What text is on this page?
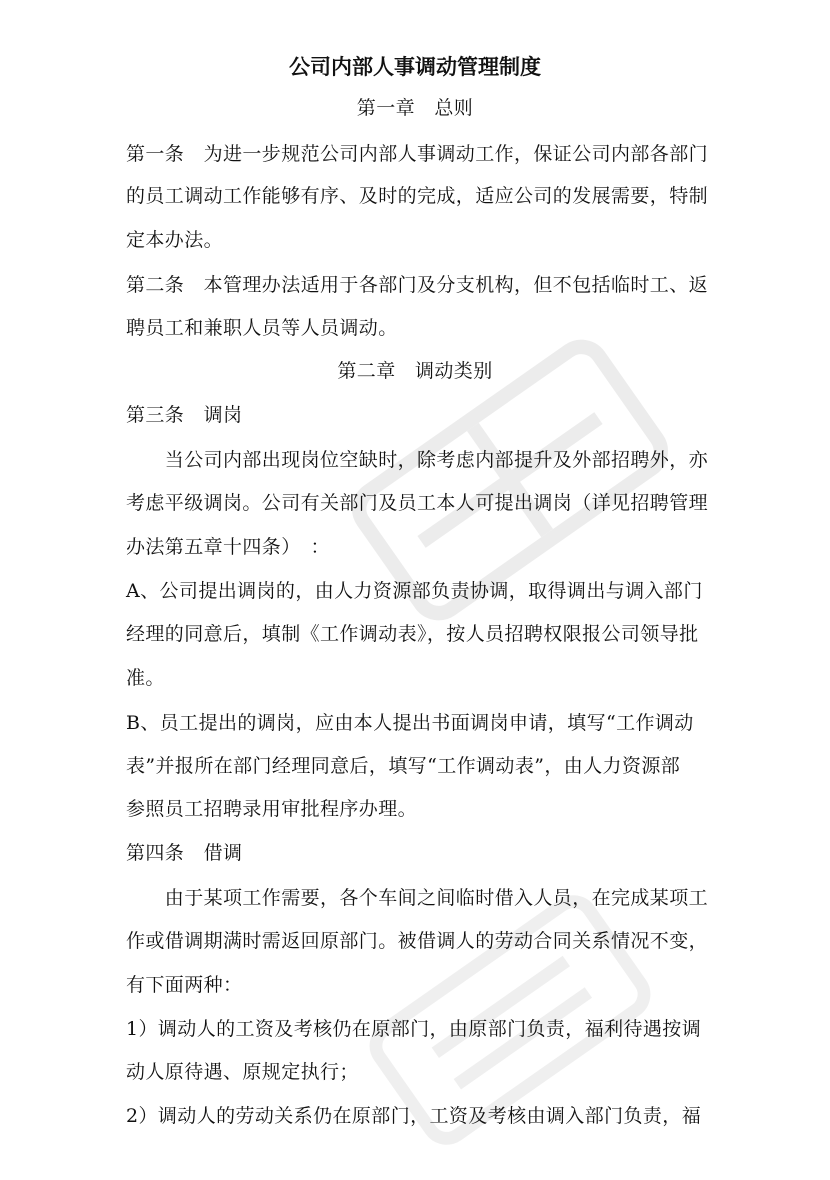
公司内部人事调动管理制度
第一章　总则
第一条　为进一步规范公司内部人事调动工作，保证公司内部各部门
的员工调动工作能够有序、及时的完成，适应公司的发展需要，特制
定本办法。
第二条　本管理办法适用于各部门及分支机构，但不包括临时工、返
聘员工和兼职人员等人员调动。
第二章　调动类别
第三条　调岗
　　当公司内部出现岗位空缺时，除考虑内部提升及外部招聘外，亦
考虑平级调岗。公司有关部门及员工本人可提出调岗（详见招聘管理
办法第五章十四条）　：
A、公司提出调岗的，由人力资源部负责协调，取得调出与调入部门
经理的同意后，填制《工作调动表》，按人员招聘权限报公司领导批
准。
B、员工提出的调岗，应由本人提出书面调岗申请，填写“工作调动
表”并报所在部门经理同意后，填写“工作调动表”，由人力资源部
参照员工招聘录用审批程序办理。
第四条　借调
　　由于某项工作需要，各个车间之间临时借入人员，在完成某项工
作或借调期满时需返回原部门。被借调人的劳动合同关系情况不变，
有下面两种：
1）调动人的工资及考核仍在原部门，由原部门负责，福利待遇按调
动人原待遇、原规定执行；
2）调动人的劳动关系仍在原部门，工资及考核由调入部门负责，福
